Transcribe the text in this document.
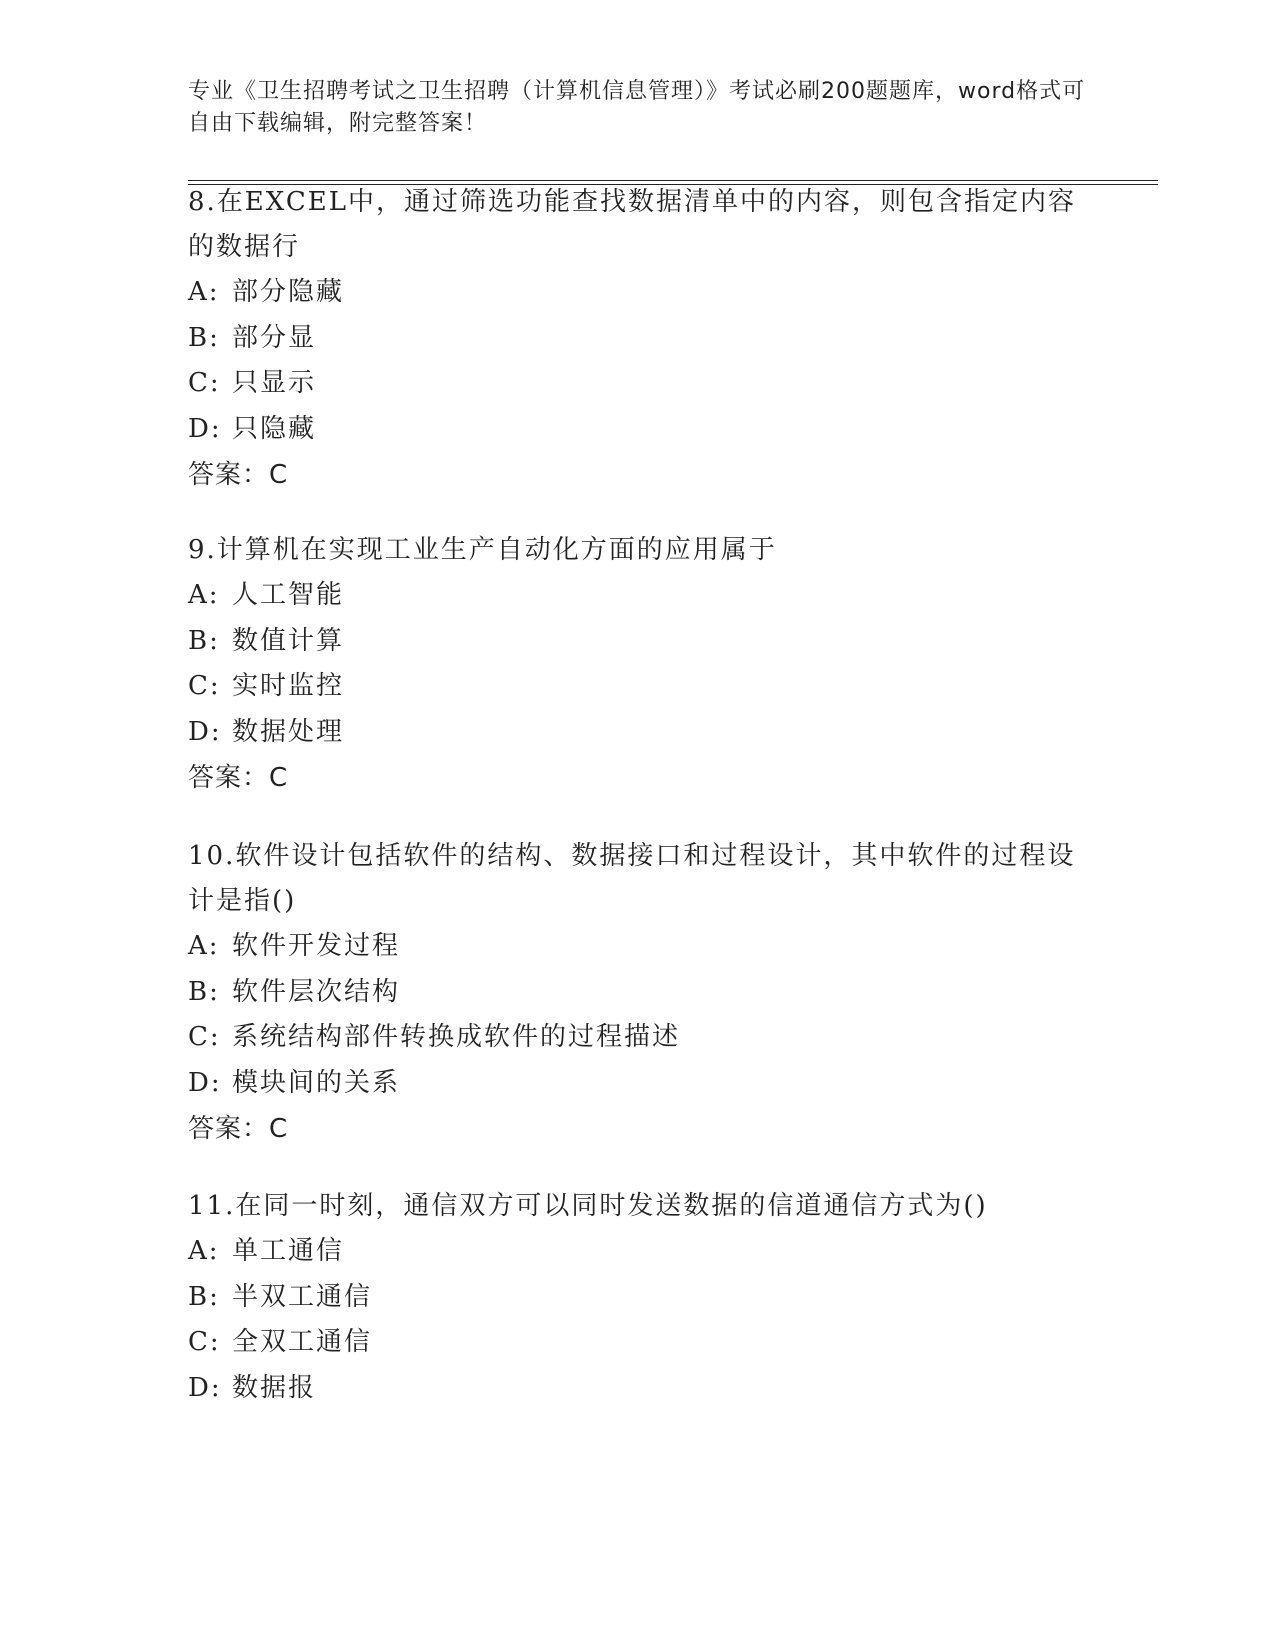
专业《卫生招聘考试之卫生招聘（计算机信息管理）》考试必刷200题题库，word格式可自由下载编辑，附完整答案！

8.在EXCEL中，通过筛选功能查找数据清单中的内容，则包含指定内容的数据行

A: 部分隐藏

B: 部分显

C: 只显示

D: 只隐藏

答案：C

9.计算机在实现工业生产自动化方面的应用属于

A: 人工智能

B: 数值计算

C: 实时监控

D: 数据处理

答案：C

10.软件设计包括软件的结构、数据接口和过程设计，其中软件的过程设计是指()

A: 软件开发过程

B: 软件层次结构

C: 系统结构部件转换成软件的过程描述

D: 模块间的关系

答案：C

11.在同一时刻，通信双方可以同时发送数据的信道通信方式为()

A: 单工通信

B: 半双工通信

C: 全双工通信

D: 数据报
